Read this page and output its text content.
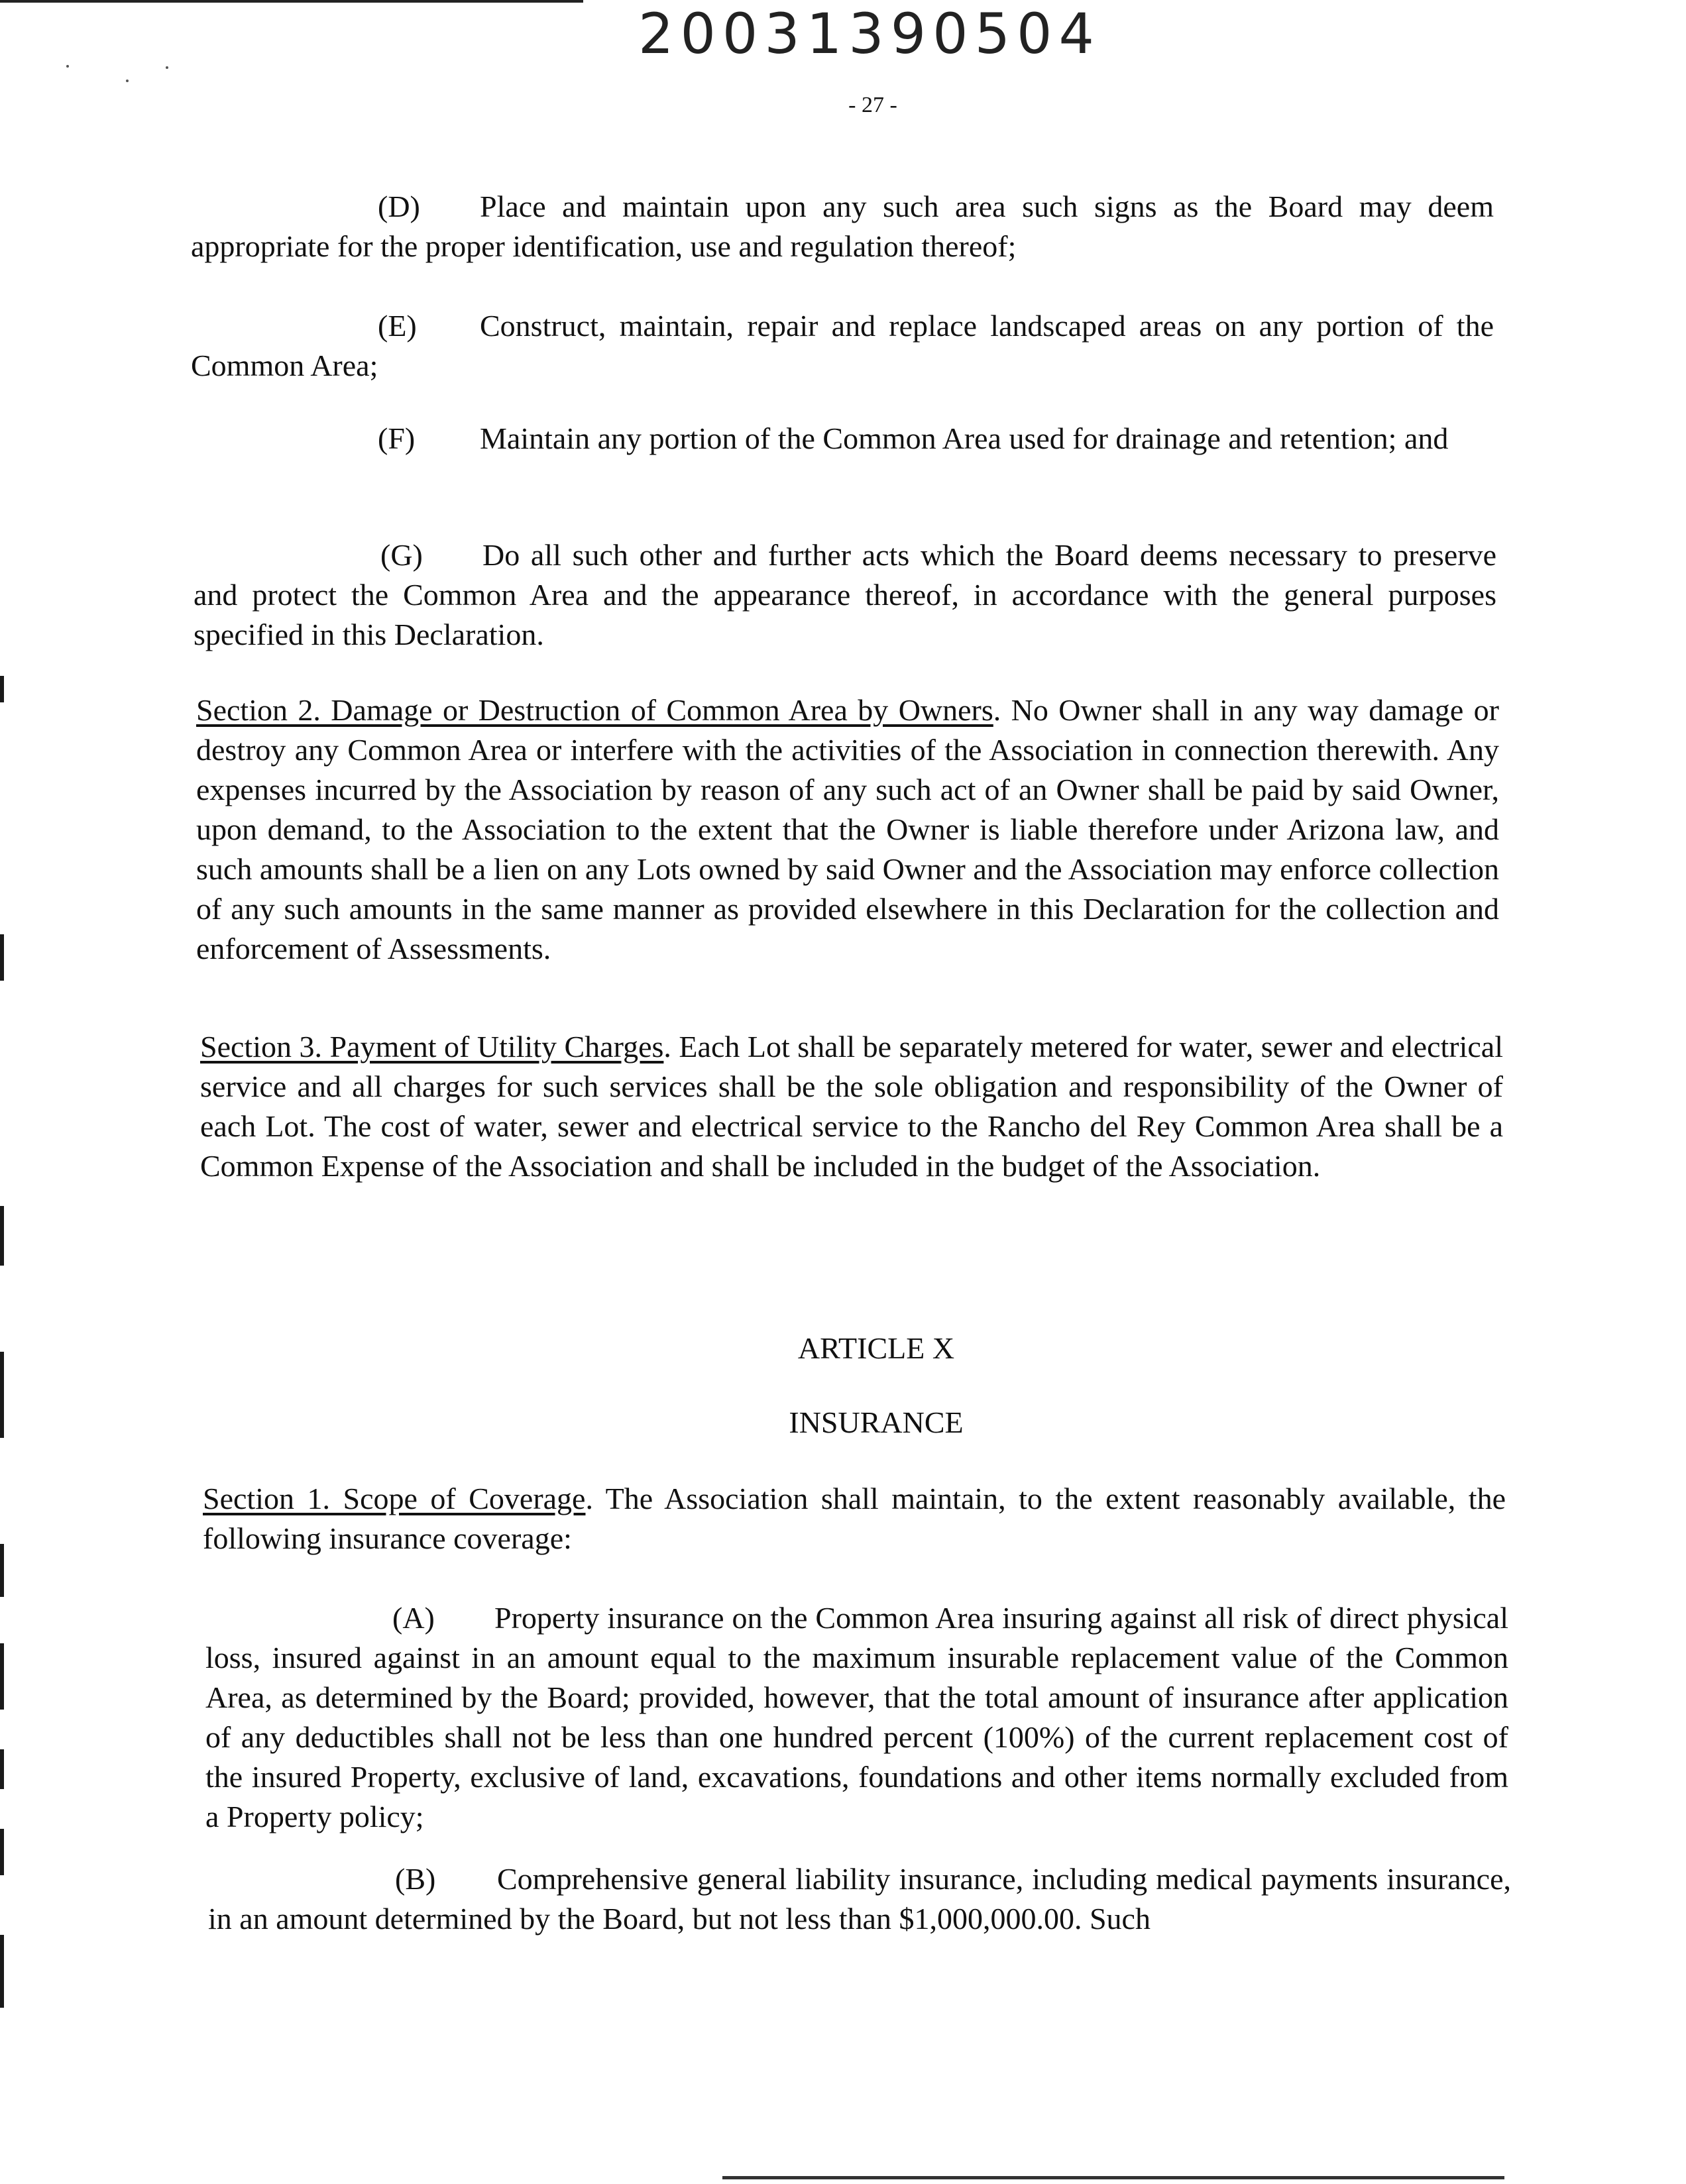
20031390504
- 27 -

(D) Place and maintain upon any such area such signs as the Board may deem appropriate for the proper identification, use and regulation thereof;

(E) Construct, maintain, repair and replace landscaped areas on any portion of the Common Area;

(F) Maintain any portion of the Common Area used for drainage and retention; and

(G) Do all such other and further acts which the Board deems necessary to preserve and protect the Common Area and the appearance thereof, in accordance with the general purposes specified in this Declaration.

Section 2. Damage or Destruction of Common Area by Owners. No Owner shall in any way damage or destroy any Common Area or interfere with the activities of the Association in connection therewith. Any expenses incurred by the Association by reason of any such act of an Owner shall be paid by said Owner, upon demand, to the Association to the extent that the Owner is liable therefore under Arizona law, and such amounts shall be a lien on any Lots owned by said Owner and the Association may enforce collection of any such amounts in the same manner as provided elsewhere in this Declaration for the collection and enforcement of Assessments.

Section 3. Payment of Utility Charges. Each Lot shall be separately metered for water, sewer and electrical service and all charges for such services shall be the sole obligation and responsibility of the Owner of each Lot. The cost of water, sewer and electrical service to the Rancho del Rey Common Area shall be a Common Expense of the Association and shall be included in the budget of the Association.

ARTICLE X
INSURANCE

Section 1. Scope of Coverage. The Association shall maintain, to the extent reasonably available, the following insurance coverage:

(A) Property insurance on the Common Area insuring against all risk of direct physical loss, insured against in an amount equal to the maximum insurable replacement value of the Common Area, as determined by the Board; provided, however, that the total amount of insurance after application of any deductibles shall not be less than one hundred percent (100%) of the current replacement cost of the insured Property, exclusive of land, excavations, foundations and other items normally excluded from a Property policy;

(B) Comprehensive general liability insurance, including medical payments insurance, in an amount determined by the Board, but not less than $1,000,000.00. Such
